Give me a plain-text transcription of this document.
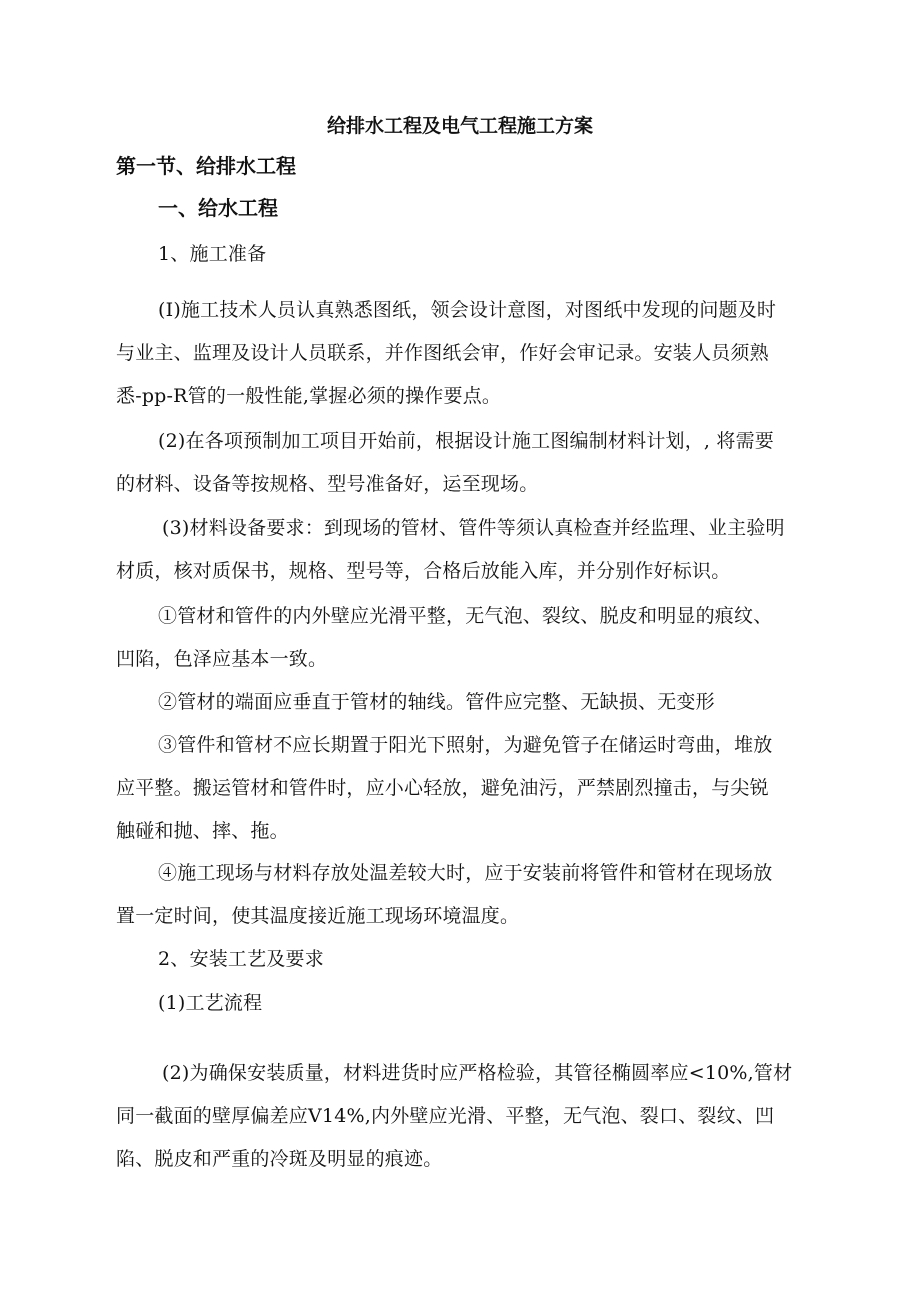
给排水工程及电气工程施工方案
第一节、给排水工程
一、给水工程
1、施工准备
(I)施工技术人员认真熟悉图纸，领会设计意图，对图纸中发现的问题及时
与业主、监理及设计人员联系，并作图纸会审，作好会审记录。安装人员须熟
悉-pp-R管的一般性能,掌握必须的操作要点。
(2)在各项预制加工项目开始前，根据设计施工图编制材料计划，, 将需要
的材料、设备等按规格、型号准备好，运至现场。
(3)材料设备要求：到现场的管材、管件等须认真检查并经监理、业主验明
材质，核对质保书，规格、型号等，合格后放能入库，并分别作好标识。
①管材和管件的内外壁应光滑平整，无气泡、裂纹、脱皮和明显的痕纹、
凹陷，色泽应基本一致。
②管材的端面应垂直于管材的轴线。管件应完整、无缺损、无变形
③管件和管材不应长期置于阳光下照射，为避免管子在储运时弯曲，堆放
应平整。搬运管材和管件时，应小心轻放，避免油污，严禁剧烈撞击，与尖锐
触碰和抛、摔、拖。
④施工现场与材料存放处温差较大时，应于安装前将管件和管材在现场放
置一定时间，使其温度接近施工现场环境温度。
2、安装工艺及要求
(1)工艺流程
(2)为确保安装质量，材料进货时应严格检验，其管径椭圆率应<10%,管材
同一截面的壁厚偏差应V14%,内外壁应光滑、平整，无气泡、裂口、裂纹、凹
陷、脱皮和严重的冷斑及明显的痕迹。
